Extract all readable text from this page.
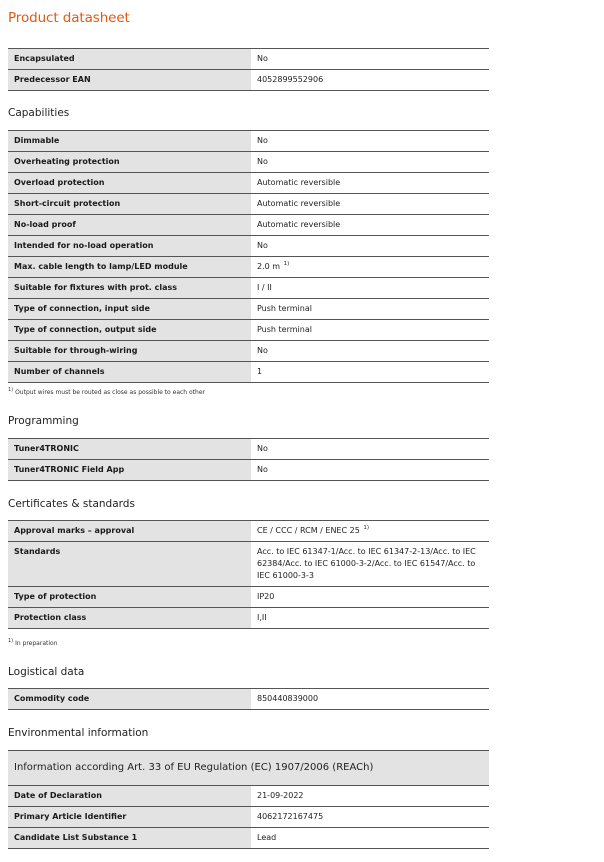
Product datasheet
Encapsulated	No
Predecessor EAN	4052899552906
Capabilities
Dimmable	No
Overheating protection	No
Overload protection	Automatic reversible
Short-circuit protection	Automatic reversible
No-load proof	Automatic reversible
Intended for no-load operation	No
Max. cable length to lamp/LED module	2.0 m $^{1)}$
Suitable for fixtures with prot. class	I / II
Type of connection, input side	Push terminal
Type of connection, output side	Push terminal
Suitable for through-wiring	No
Number of channels	1
$^{1)}$ Output wires must be routed as close as possible to each other
Programming
Tuner4TRONIC	No
Tuner4TRONIC Field App	No
Certificates & standards
Approval marks – approval	CE / CCC / RCM / ENEC 25 $^{1)}$
Standards	Acc. to IEC 61347-1/Acc. to IEC 61347-2-13/Acc. to IEC 62384/Acc. to IEC 61000-3-2/Acc. to IEC 61547/Acc. to IEC 61000-3-3
Type of protection	IP20
Protection class	I,II
$^{1)}$ In preparation
Logistical data
Commodity code	850440839000
Environmental information
Information according Art. 33 of EU Regulation (EC) 1907/2006 (REACh)
Date of Declaration	21-09-2022
Primary Article Identifier	4062172167475
Candidate List Substance 1	Lead
